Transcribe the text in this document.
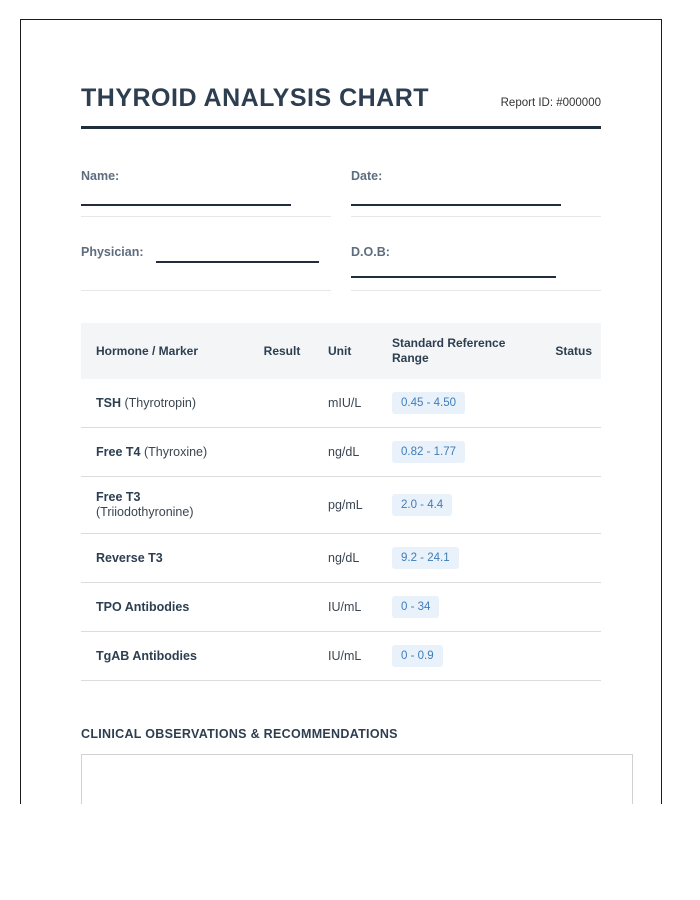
THYROID ANALYSIS CHART	Report ID: #000000
Name:	Date:
Physician:	D.O.B:
Hormone / Marker	Result	Unit	Standard Reference Range	Status
TSH (Thyrotropin)		mIU/L	0.45 - 4.50	
Free T4 (Thyroxine)		ng/dL	0.82 - 1.77	
Free T3
(Triiodothyronine)		pg/mL	2.0 - 4.4	
Reverse T3		ng/dL	9.2 - 24.1	
TPO Antibodies		IU/mL	0 - 34	
TgAB Antibodies		IU/mL	0 - 0.9	
CLINICAL OBSERVATIONS & RECOMMENDATIONS
